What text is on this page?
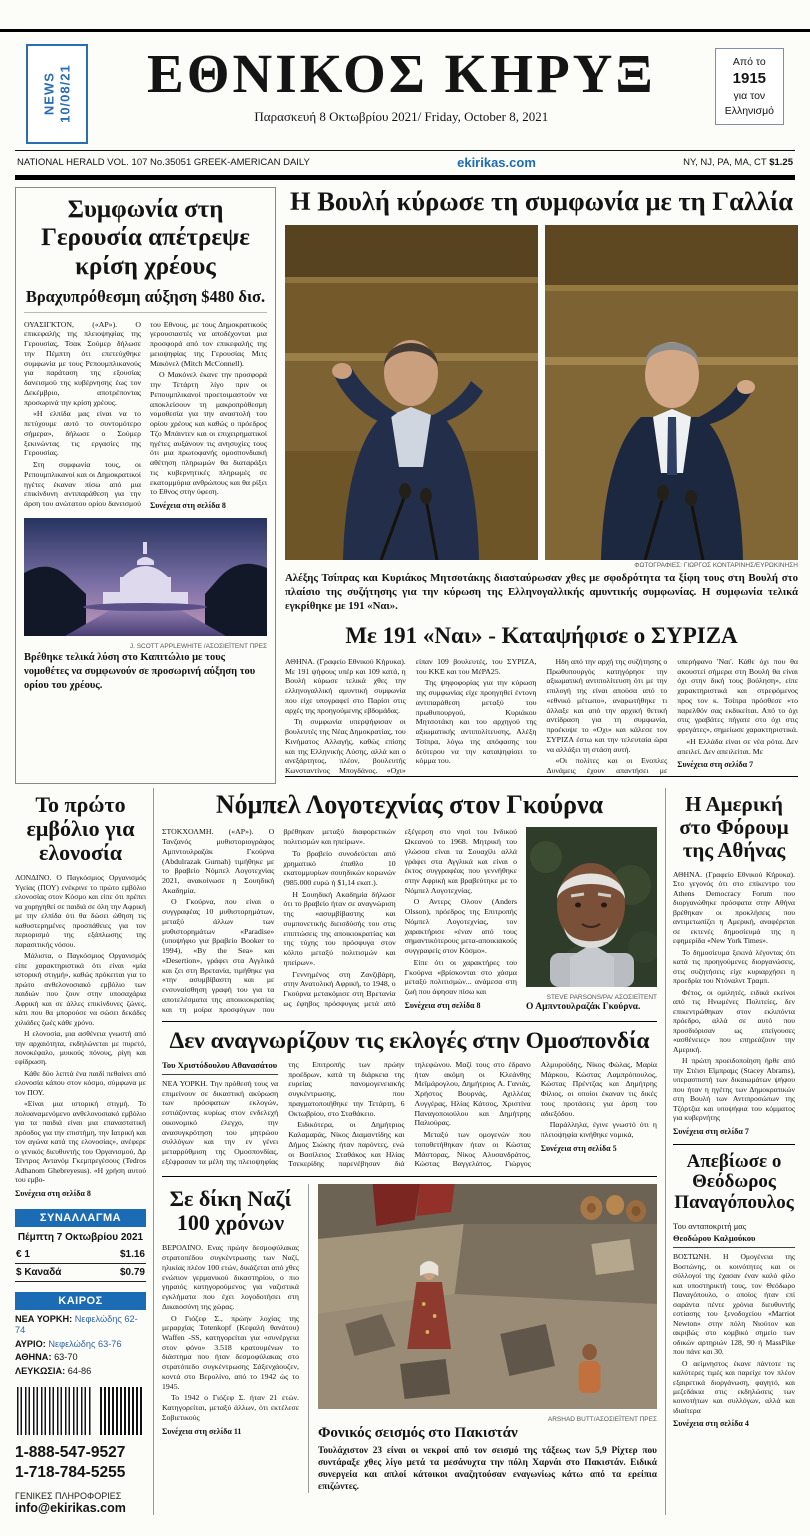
NEWS 10/08/21	ΕΘΝΙΚΟΣ ΚΗΡΥΞ
Παρασκευή 8 Οκτωβρίου 2021/ Friday, October 8, 2021
Από το
1915
για τον
Ελληνισμό
NATIONAL HERALD VOL. 107 No.35051 GREEK-AMERICAN DAILY	ekirikas.com	NY, NJ, PA, MA, CT $1.25
Συμφωνία στη Γερουσία απέτρεψε κρίση χρέους
Βραχυπρόθεσμη αύξηση $480 δισ.

ΟΥΑΣΙΓΚΤΟΝ, («ΑΡ»). Ο επικεφαλής της πλειοψηφίας της Γερουσίας, Τσακ Σούμερ δήλωσε την Πέμπτη ότι επετεύχθηκε συμφωνία με τους Ρεπουμπλικανούς για παράταση της εξουσίας δανεισμού της κυβέρνησης έως τον Δεκέμβριο, αποτρέποντας προσωρινά την κρίση χρέους.

«Η ελπίδα μας είναι να το πετύχουμε αυτό το συντομότερο σήμερα», δήλωσε ο Σούμερ ξεκινώντας τις εργασίες της Γερουσίας.

Στη συμφωνία τους, οι Ρεπουμπλικανοί και οι Δημοκρατικοί ηγέτες έκαναν πίσω από μια επικίνδυνη αντιπαράθεση για την άρση του ανώτατου ορίου δανεισμού του Εθνους, με τους Δημοκρατικούς γερουσιαστές να αποδέχονται μια προσφορά από τον επικεφαλής της μειοψηφίας της Γερουσίας Μιτς Μακόνελ (Mitch McConnell).

Ο Μακόνελ έκανε την προσφορά την Τετάρτη λίγο πριν οι Ρεπουμπλικανοί προετοιμαστούν να αποκλείσουν τη μακροπρόθεσμη νομοθεσία για την αναστολή του ορίου χρέους και καθώς ο πρόεδρος Τζο Μπάιντεν και οι επιχειρηματικοί ηγέτες αυξάνουν τις ανησυχίες τους ότι μια πρωτοφανής ομοσπονδιακή αθέτηση πληρωμών θα διαταράξει τις κυβερνητικές πληρωμές σε εκατομμύρια ανθρώπους και θα ρίξει το Εθνος στην ύφεση.

Συνέχεια στη σελίδα 8
J. SCOTT APPLEWHITE /ΑΣΟΣΙΕΪΤΕΝΤ ΠΡΕΣ
Βρέθηκε τελικά λύση στο Καπιτώλιο με τους νομοθέτες να συμφωνούν σε προσωρινή αύξηση του ορίου του χρέους.
Η Βουλή κύρωσε τη συμφωνία με τη Γαλλία
ΦΩΤΟΓΡΑΦΙΕΣ: ΓΙΩΡΓΟΣ ΚΟΝΤΑΡΙΝΗΣ/ΕΥΡΩΚΙΝΗΣΗ
Αλέξης Τσίπρας και Κυριάκος Μητσοτάκης διασταύρωσαν χθες με σφοδρότητα τα ξίφη τους στη Βουλή στο πλαίσιο της συζήτησης για την κύρωση της Ελληνογαλλικής αμυντικής συμφωνίας. Η συμφωνία τελικά εγκρίθηκε με 191 «Ναι».
Με 191 «Ναι» - Καταψήφισε ο ΣΥΡΙΖΑ

ΑΘΗΝΑ. (Γραφείο Εθνικού Κήρυκα). Με 191 ψήφους υπέρ και 109 κατά, η Βουλή κύρωσε τελικά χθες την ελληνογαλλική αμυντική συμφωνία που είχε υπογραφεί στο Παρίσι στις αρχές της προηγούμενης εβδομάδας.

Τη συμφωνία υπερψήφισαν οι βουλευτές της Νέας Δημοκρατίας, του Κινήματος Αλλαγής, καθώς επίσης και της Ελληνικής Λύσης, αλλά και ο ανεξάρτητος, πλέον, βουλευτής Κωνσταντίνος Μπογδάνος. «Οχι» είπαν 109 βουλευτές, του ΣΥΡΙΖΑ, του ΚΚΕ και του ΜέΡΑ25.

Της ψηφοφορίας για την κύρωση της συμφωνίας είχε προηγηθεί έντονη αντιπαράθεση μεταξύ του πρωθυπουργού, Κυριάκου Μητσοτάκη και του αρχηγού της αξιωματικής αντιπολίτευσης, Αλέξη Τσίπρα, λόγω της απόφασης του δεύτερου να την καταψηφίσει το κόμμα του.

Ηδη από την αρχή της συζήτησης ο Πρωθυπουργός κατηγόρησε την αξιωματική αντιπολίτευση ότι με την επιλογή της είναι απούσα από το «εθνικό μέτωπο», αναρωτήθηκε τι άλλαξε και από την αρχική θετική αντίδραση για τη συμφωνία, προέκυψε το «Οχι» και κάλεσε τον ΣΥΡΙΖΑ έστω και την τελευταία ώρα να αλλάξει τη στάση αυτή.

«Οι πολίτες και οι Ενοπλες Δυνάμεις έχουν απαντήσει με υπερήφανο 'Ναι'. Κάθε όχι που θα ακουστεί σήμερα στη Βουλή θα είναι όχι στην δική τους βούληση», είπε χαρακτηριστικά και στρεφόμενος προς τον κ. Τσίπρα πρόσθεσε «το παρελθόν σας εκδικείται. Από το όχι στις γραβάτες πήγατε στο όχι στις φρεγάτες», σημείωσε χαρακτηριστικά.

«Η Ελλάδα είναι σε νέα ρότα. Δεν απειλεί. Δεν απειλείται. Με

Συνέχεια στη σελίδα 7
Το πρώτο εμβόλιο για ελονοσία

ΛΟΝΔΙΝΟ. Ο Παγκόσμιος Οργανισμός Υγείας (ΠΟΥ) ενέκρινε το πρώτο εμβόλιο ελονοσίας στον Κόσμο και είπε ότι πρέπει να χορηγηθεί σε παιδιά σε όλη την Αφρική με την ελπίδα ότι θα δώσει ώθηση τις καθυστερημένες προσπάθειες για τον περιορισμό της εξάπλωσης της παρασιτικής νόσου.

Μάλιστα, ο Παγκόσμιος Οργανισμός είπε χαρακτηριστικά ότι είναι «μία ιστορική στιγμή», καθώς πρόκειται για το πρώτο ανθελονοσιακό εμβόλιο των παιδιών που ζουν στην υποσαχάρια Αφρική και σε άλλες επικίνδυνες ζώνες, κάτι που θα μπορούσε να σώσει δεκάδες χιλιάδες ζωές κάθε χρόνο.

Η ελονοσία, μια ασθένεια γνωστή από την αρχαιότητα, εκδηλώνεται με πυρετό, πονοκέφαλο, μυικούς πόνους, ρίγη και εφίδρωση.

Κάθε δύο λεπτά ένα παιδί πεθαίνει από ελονοσία κάπου στον κόσμο, σύμφωνα με τον ΠΟΥ.

«Είναι μια ιστορική στιγμή. Το πολυαναμενόμενο ανθελονοσιακό εμβόλιο για τα παιδιά είναι μια επαναστατική πρόοδος για την επιστήμη, την Ιατρική και τον αγώνα κατά της ελονοσίας», ανέφερε ο γενικός διευθυντής του Οργανισμού, Δρ Τέντρος Αντανόμ Γκεμπρεγέσους (Tedros Adhanom Ghebreyesus). «Η χρήση αυτού του εμβο-

Συνέχεια στη σελίδα 8
ΣΥΝΑΛΛΑΓΜΑ
Πέμπτη 7 Οκτωβρίου 2021
€ 1	$1.16
$ Καναδά	$0.79
ΚΑΙΡΟΣ
ΝΕΑ ΥΟΡΚΗ: Νεφελώδης 62-74
ΑΥΡΙΟ: Νεφελώδης 63-76
ΑΘΗΝΑ: 63-70
ΛΕΥΚΩΣΙΑ: 64-86
1-888-547-9527
1-718-784-5255
ΓΕΝΙΚΕΣ ΠΛΗΡΟΦΟΡΙΕΣ
info@ekirikas.com
Νόμπελ Λογοτεχνίας στον Γκούρνα

ΣΤΟΚΧΟΛΜΗ. («ΑΡ»). Ο Τανζανός μυθιστοριογράφος Αμπντουλραζάκ Γκούρνα (Abdulrazak Gurnah) τιμήθηκε με το βραβείο Νόμπελ Λογοτεχνίας 2021, ανακοίνωσε η Σουηδική Ακαδημία.

Ο Γκούρνα, που είναι ο συγγραφέας 10 μυθιστορημάτων, μεταξύ άλλων των μυθιστορημάτων «Paradise» (υποψήφιο για βραβείο Booker το 1994), «By the Sea» και «Desertion», γράφει στα Αγγλικά και ζει στη Βρετανία, τιμήθηκε για «την ασυμβίβαστη και με ενσυναίσθηση γραφή του για τα αποτελέσματα της αποικιοκρατίας και τη μοίρα προσφύγων που βρέθηκαν μεταξύ διαφορετικών πολιτισμών και ηπείρων».

Το βραβείο συνοδεύεται από χρηματικό έπαθλο 10 εκατομμυρίων σουηδικών κορωνών (985.000 ευρώ ή $1,14 εκατ.).

Η Σουηδική Ακαδημία δήλωσε ότι το βραβείο ήταν σε αναγνώριση της «ασυμβίβαστης και συμπονετικής διεισδύσής του στις επιπτώσεις της αποικιοκρατίας και της τύχης του πρόσφυγα στον κόλπο μεταξύ πολιτισμών και ηπείρων».

Γεννημένος στη Ζανζιβάρη, στην Ανατολική Αφρική, το 1948, ο Γκούρνα μετακόμισε στη Βρετανία ως έφηβος πρόσφυγας μετά από εξέγερση στο νησί του Ινδικού Ωκεανού το 1968. Μητρική του γλώσσα είναι τα Σουαχίλι αλλά γράφει στα Αγγλικά και είναι ο έκτος συγγραφέας που γεννήθηκε στην Αφρική και βραβεύτηκε με το Νόμπελ Λογοτεχνίας.

Ο Αντερς Ολσον (Anders Olsson), πρόεδρος της Επιτροπής Νόμπελ Λογοτεχνίας, τον χαρακτήρισε «έναν από τους σημαντικότερους μετα-αποικιακούς συγγραφείς στον Κόσμο».

Είπε ότι οι χαρακτήρες του Γκούρνα «βρίσκονται στο χάσμα μεταξύ πολιτισμών... ανάμεσα στη ζωή που άφησαν πίσω και

Συνέχεια στη σελίδα 8
STEVE PARSONS/PA/ ΑΣΟΣΙΕΪΤΕΝΤ
Ο Αμπντουλραζάκ Γκούρνα.
Δεν αναγνωρίζουν τις εκλογές στην Ομοσπονδία
Του Χριστόδουλου Αθανασάτου

ΝΕΑ ΥΟΡΚΗ. Την πρόθεσή τους να επιμείνουν σε δικαστική ακύρωση των πρόσφατων εκλογών, εστιάζοντας κυρίως στον ενδελεχή οικονομικό έλεγχο, την ανασυγκρότηση του μητρώου συλλόγων και την εν γένει μεταρρύθμιση της Ομοσπονδίας, εξέφρασαν τα μέλη της πλειοψηφίας της Επιτροπής των πρώην προέδρων, κατά τη διάρκεια της ευρείας πανομογενειακής συγκέντρωσης, που πραγματοποιήθηκε την Τετάρτη, 6 Οκτωβρίου, στο Σταθάκειο.

Ειδικότερα, οι Δημήτριος Καλαμαράς, Νίκος Διαμαντίδης και Δήμος Σιώκης ήταν παρόντες, ενώ οι Βασίλειος Σταθάκος και Ηλίας Τσεκερίδης παρενέβησαν διά τηλεφώνου. Μαζί τους στο έδρανο ήταν ακόμη οι Κλεάνθης Μεϊμάρογλου, Δημήτριος Α. Γανιάς, Χρήστος Βουρνάς, Αχιλλέας Λυγγέρας, Ηλίας Κάτσος, Χριστίνα Παναγοποιούλου και Δημήτρης Παλιούρας.

Μεταξύ των ομογενών που τοποθετήθηκαν ήταν οι Κώστας Μάστορας, Νίκος Αλυσανδράτος, Κώστας Βαγγελάτος, Γιώργος Αλμυρούδης, Νίκος Φώλας, Μαρία Μάρκου, Κώστας Λαμπρόπουλος, Κώστας Πρέντζας και Δημήτρης Φίλιος, οι οποίοι έκαναν τις δικές τους προτάσεις για άρση του αδιεξόδου.

Παράλληλα, έγινε γνωστό ότι η πλειοψηφία κινήθηκε νομικά,

Συνέχεια στη σελίδα 5
Σε δίκη Ναζί 100 χρόνων

ΒΕΡΟΛΙΝΟ. Ενας πρώην δεσμοφύλακας στρατοπέδου συγκέντρωσης των Ναζί, ηλικίας πλέον 100 ετών, δικάζεται από χθες ενώπιον γερμανικού δικαστηρίου, ο πιο γηραιός κατηγορούμενος για ναζιστικά εγκλήματα που έχει λογοδοτήσει στη Δικαιοσύνη της χώρας.

Ο Γιόζεφ Σ., πρώην λοχίας της μεραρχίας Totenkopf (Κεφαλή θανάτου) Waffen -SS, κατηγορείται για «συνέργεια στον φόνο» 3.518 κρατουμένων το διάστημα που ήταν δεσμοφύλακας στο στρατόπεδο συγκέντρωσης Σάξενχάουζεν, κοντά στο Βερολίνο, από το 1942 ώς το 1945.

Το 1942 ο Γιόζεφ Σ. ήταν 21 ετών. Κατηγορείται, μεταξύ άλλων, ότι εκτέλεσε Σοβιετικούς

Συνέχεια στη σελίδα 11
ARSHAD BUTT/ΑΣΟΣΙΕΪΤΕΝΤ ΠΡΕΣ
Φονικός σεισμός στο Πακιστάν
Τουλάχιστον 23 είναι οι νεκροί από τον σεισμό της τάξεως των 5,9 Ρίχτερ που συντάραξε χθες λίγο μετά τα μεσάνυχτα την πόλη Χαρνάι στο Πακιστάν. Ειδικά συνεργεία και απλοί κάτοικοι αναζητούσαν εναγωνίως κάτω από τα ερείπια επιζώντες.
Η Αμερική στο Φόρουμ της Αθήνας

ΑΘΗΝΑ. (Γραφείο Εθνικού Κήρυκα). Στο γεγονός ότι στο επίκεντρο του Athens Democracy Forum που διοργανώθηκε πρόσφατα στην Αθήνα βρέθηκαν οι προκλήσεις που αντιμετωπίζει η Αμερική, αναφέρεται σε εκτενές δημοσίευμά της η εφημερίδα «New York Times».

Το δημοσίευμα ξεκινά λέγοντας ότι κατά τις προηγούμενες διοργανώσεις, στις συζητήσεις είχε κυριαρχήσει η προεδρία του Ντόναλντ Τραμπ.

Φέτος, οι ομιλητές, ειδικά εκείνοι από τις Ηνωμένες Πολιτείες, δεν επικεντρώθηκαν στον εκλιπόντα πρόεδρο, αλλά σε αυτό που προσδιόρισαν ως επείγουσες «ασθένειες» που επηρεάζουν την Αμερική.

Η πρώτη προειδοποίηση ήρθε από την Στέισι Εϊμπραμς (Stacey Abrams), υπερασπιστή των δικαιωμάτων ψήφου που ήταν η ηγέτης των Δημοκρατικών στη Βουλή των Αντιπροσώπων της Τζόρτζια και υποψήφια του κόμματος για κυβερνήτης

Συνέχεια στη σελίδα 7
Απεβίωσε ο Θεόδωρος Παναγόπουλος
Του ανταποκριτή μας
Θεοδώρου Καλμούκου

ΒΟΣΤΩΝΗ. Η Ομογένεια της Βοστώνης, οι κοινότητες και οι σύλλογοί της έχασαν έναν καλό φίλο και υποστηρικτή τους, τον Θεόδωρο Παναγόπουλο, ο οποίος ήταν επί σαράντα πέντε χρόνια διευθυντής εστίασης του ξενοδοχείου «Marriot Newton» στην πόλη Νιούτον και ακριβώς στο κομβικό σημείο των οδικών αρτηριών 128, 90 ή MassPike που πάνε και 30.

Ο αείμνηστος έκανε πάντοτε τις καλύτερες τιμές και παρείχε τον πλέον εξαιρετικά διοργάνωση, φαγητό, και μεζεδάκια στις εκδηλώσεις των κοινοτήτων και συλλόγων, αλλά και ιδιαίτερα

Συνέχεια στη σελίδα 4
